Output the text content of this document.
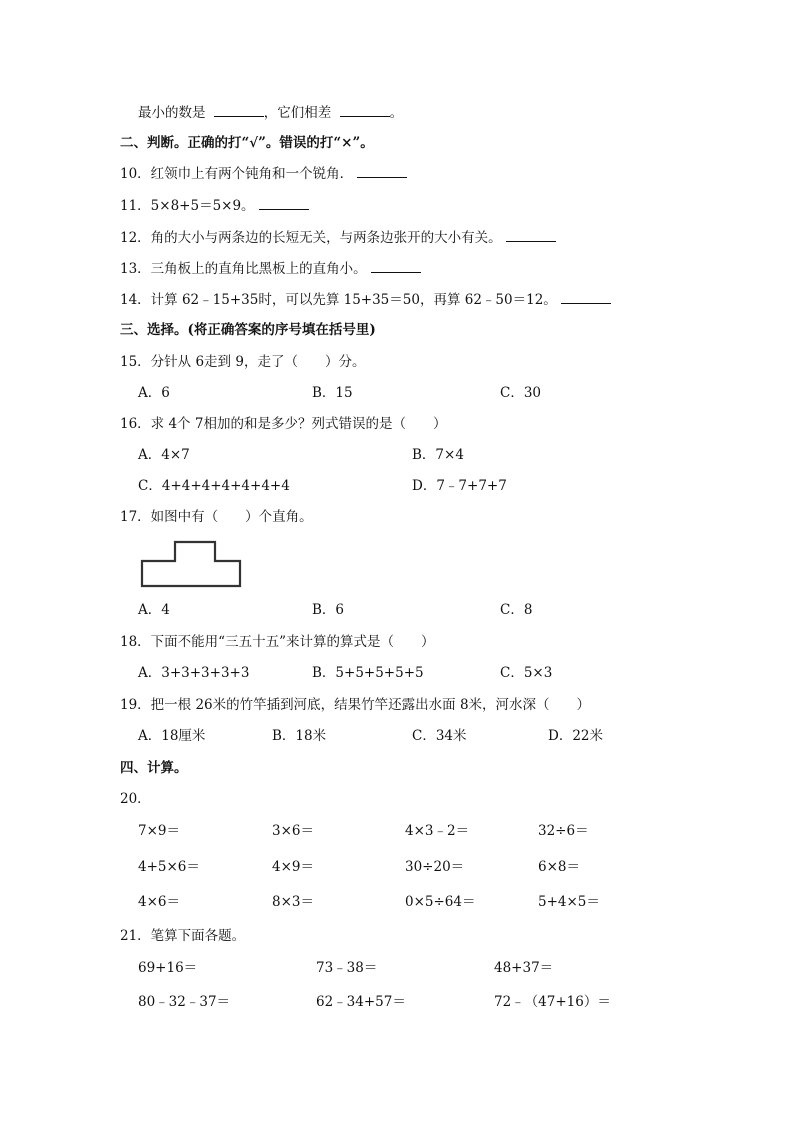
最小的数是	，它们相差	。
二、判断。正确的打“√”。错误的打“×”。
10．红领巾上有两个钝角和一个锐角．
11．5×8+5＝5×9。
12．角的大小与两条边的长短无关，与两条边张开的大小有关。
13．三角板上的直角比黑板上的直角小。
14．计算 62﹣15+35时，可以先算 15+35＝50，再算 62﹣50＝12。
三、选择。(将正确答案的序号填在括号里)
15．分针从 6走到 9，走了（　　）分。
A．6	B．15	C．30
16．求 4个 7相加的和是多少？列式错误的是（　　）
A．4×7	B．7×4
C．4+4+4+4+4+4+4	D．7﹣7+7+7
17．如图中有（　　）个直角。
A．4	B．6	C．8
18．下面不能用“三五十五”来计算的算式是（　　）
A．3+3+3+3+3	B．5+5+5+5+5	C．5×3
19．把一根 26米的竹竿插到河底，结果竹竿还露出水面 8米，河水深（　　）
A．18厘米	B．18米	C．34米	D．22米
四、计算。
20．
7×9＝	3×6＝	4×3﹣2＝	32÷6＝
4+5×6＝	4×9＝	30÷20＝	6×8＝
4×6＝	8×3＝	0×5÷64＝	5+4×5＝
21．笔算下面各题。
69+16＝	73﹣38＝	48+37＝
80﹣32﹣37＝	62﹣34+57＝	72﹣（47+16）＝
